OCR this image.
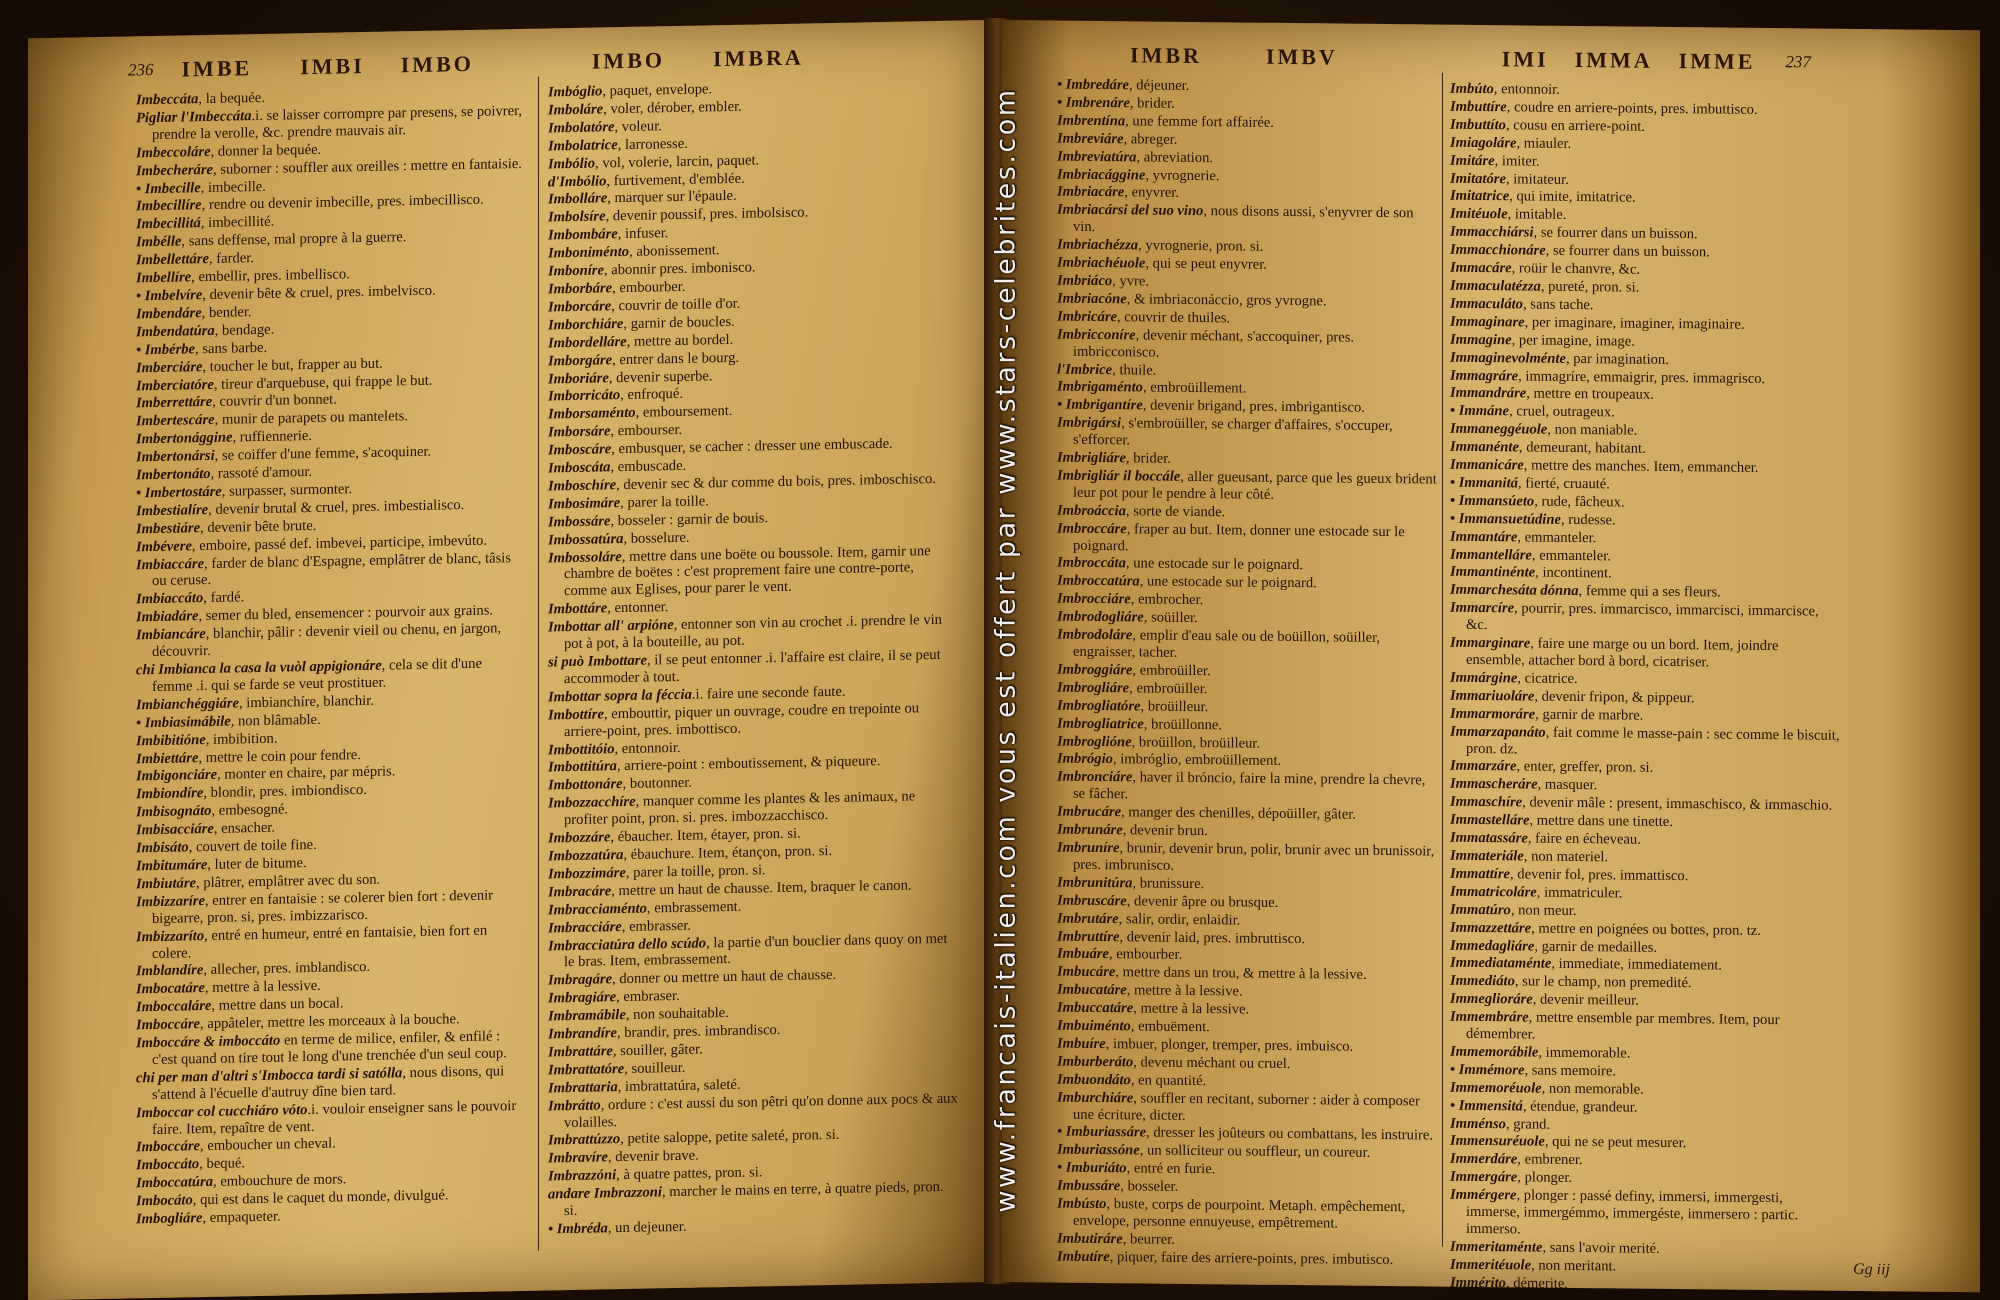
236 IMBE IMBI IMBO	IMBO IMBRA
Imbeccáta, la bequée.
Pigliar l'Imbeccáta.i. se laisser corrompre par presens, se poivrer, prendre la verolle, &c. prendre mauvais air.
Imbeccoláre, donner la bequée.
Imbecheráre, suborner : souffler aux oreilles : mettre en fantaisie.
• Imbecille, imbecille.
Imbecillíre, rendre ou devenir imbecille, pres. imbecillisco.
Imbecillitá, imbecillité.
Imbélle, sans deffense, mal propre à la guerre.
Imbellettáre, farder.
Imbellíre, embellir, pres. imbellisco.
• Imbelvíre, devenir bête & cruel, pres. imbelvisco.
Imbendáre, bender.
Imbendatúra, bendage.
• Imbérbe, sans barbe.
Imberciáre, toucher le but, frapper au but.
Imberciatóre, tireur d'arquebuse, qui frappe le but.
Imberrettáre, couvrir d'un bonnet.
Imbertescáre, munir de parapets ou mantelets.
Imbertonággine, ruffiennerie.
Imbertonársi, se coiffer d'une femme, s'acoquiner.
Imbertonáto, rassoté d'amour.
• Imbertostáre, surpasser, surmonter.
Imbestialíre, devenir brutal & cruel, pres. imbestialisco.
Imbestiáre, devenir bête brute.
Imbévere, emboire, passé def. imbevei, participe, imbevúto.
Imbiaccáre, farder de blanc d'Espagne, emplâtrer de blanc, tâsis ou ceruse.
Imbiaccáto, fardé.
Imbiadáre, semer du bled, ensemencer : pourvoir aux grains.
Imbiancáre, blanchir, pâlir : devenir vieil ou chenu, en jargon, découvrir.
chi Imbianca la casa la vuòl appigionáre, cela se dit d'une femme .i. qui se farde se veut prostituer.
Imbianchéggiáre, imbianchíre, blanchir.
• Imbiasimábile, non blâmable.
Imbibitióne, imbibition.
Imbiettáre, mettre le coin pour fendre.
Imbigonciáre, monter en chaire, par mépris.
Imbiondíre, blondir, pres. imbiondisco.
Imbisognáto, embesogné.
Imbisacciáre, ensacher.
Imbisáto, couvert de toile fine.
Imbitumáre, luter de bitume.
Imbiutáre, plâtrer, emplâtrer avec du son.
Imbizzaríre, entrer en fantaisie : se colerer bien fort : devenir bigearre, pron. si, pres. imbizzarisco.
Imbizzaríto, entré en humeur, entré en fantaisie, bien fort en colere.
Imblandíre, allecher, pres. imblandisco.
Imbocatáre, mettre à la lessive.
Imboccaláre, mettre dans un bocal.
Imboccáre, appâteler, mettre les morceaux à la bouche.
Imboccáre & imboccáto en terme de milice, enfiler, & enfilé : c'est quand on tire tout le long d'une trenchée d'un seul coup.
chi per man d'altri s'Imbocca tardi si satólla, nous disons, qui s'attend à l'écuelle d'autruy dîne bien tard.
Imboccar col cucchiáro vóto.i. vouloir enseigner sans le pouvoir faire. Item, repaître de vent.
Imboccáre, emboucher un cheval.
Imboccáto, bequé.
Imboccatúra, embouchure de mors.
Imbocáto, qui est dans le caquet du monde, divulgué.
Imbogliáre, empaqueter.
Imbóglio, paquet, envelope.
Imboláre, voler, dérober, embler.
Imbolatóre, voleur.
Imbolatrice, larronesse.
Imbólio, vol, volerie, larcin, paquet.
d'Imbólio, furtivement, d'emblée.
Imbolláre, marquer sur l'épaule.
Imbolsíre, devenir poussif, pres. imbolsisco.
Imbombáre, infuser.
Imboniménto, abonissement.
Imboníre, abonnir pres. imbonisco.
Imborbáre, embourber.
Imborcáre, couvrir de toille d'or.
Imborchiáre, garnir de boucles.
Imbordelláre, mettre au bordel.
Imborgáre, entrer dans le bourg.
Imboriáre, devenir superbe.
Imborricáto, enfroqué.
Imborsaménto, emboursement.
Imborsáre, embourser.
Imboscáre, embusquer, se cacher : dresser une embuscade.
Imboscáta, embuscade.
Imboschíre, devenir sec & dur comme du bois, pres. imboschisco.
Imbosimáre, parer la toille.
Imbossáre, bosseler : garnir de bouis.
Imbossatúra, bosselure.
Imbossoláre, mettre dans une boëte ou boussole. Item, garnir une chambre de boëtes : c'est proprement faire une contre-porte, comme aux Eglises, pour parer le vent.
Imbottáre, entonner.
Imbottar all' arpióne, entonner son vin au crochet .i. prendre le vin pot à pot, à la bouteille, au pot.
si può Imbottare, il se peut entonner .i. l'affaire est claire, il se peut accommoder à tout.
Imbottar sopra la féccia.i. faire une seconde faute.
Imbottíre, embouttir, piquer un ouvrage, coudre en trepointe ou arriere-point, pres. imbottisco.
Imbottitóio, entonnoir.
Imbottitúra, arriere-point : emboutissement, & piqueure.
Imbottonáre, boutonner.
Imbozzacchíre, manquer comme les plantes & les animaux, ne profiter point, pron. si. pres. imbozzacchisco.
Imbozzáre, ébaucher. Item, étayer, pron. si.
Imbozzatúra, ébauchure. Item, étançon, pron. si.
Imbozzimáre, parer la toille, pron. si.
Imbracáre, mettre un haut de chausse. Item, braquer le canon.
Imbracciaménto, embrassement.
Imbracciáre, embrasser.
Imbracciatúra dello scúdo, la partie d'un bouclier dans quoy on met le bras. Item, embrassement.
Imbragáre, donner ou mettre un haut de chausse.
Imbragiáre, embraser.
Imbramábile, non souhaitable.
Imbrandíre, brandir, pres. imbrandisco.
Imbrattáre, souiller, gâter.
Imbrattatóre, souilleur.
Imbrattaria, imbrattatúra, saleté.
Imbrátto, ordure : c'est aussi du son pêtri qu'on donne aux pocs & aux volailles.
Imbrattúzzo, petite saloppe, petite saleté, pron. si.
Imbravíre, devenir brave.
Imbrazzóni, à quatre pattes, pron. si.
andare Imbrazzoni, marcher le mains en terre, à quatre pieds, pron. si.
• Imbréda, un dejeuner.
IMBR	IMBV	IMI IMMA IMME 237
• Imbredáre, déjeuner.
• Imbrenáre, brider.
Imbrentína, une femme fort affairée.
Imbreviáre, abreger.
Imbreviatúra, abreviation.
Imbriacággine, yvrognerie.
Imbriacáre, enyvrer.
Imbriacársi del suo vino, nous disons aussi, s'enyvrer de son vin.
Imbriachézza, yvrognerie, pron. si.
Imbriachéuole, qui se peut enyvrer.
Imbriáco, yvre.
Imbriacóne, & imbriaconáccio, gros yvrogne.
Imbricáre, couvrir de thuiles.
Imbricconíre, devenir méchant, s'accoquiner, pres. imbricconisco.
l'Imbrice, thuile.
Imbrigaménto, embroüillement.
• Imbrigantíre, devenir brigand, pres. imbrigantisco.
Imbrigársi, s'embroüiller, se charger d'affaires, s'occuper, s'efforcer.
Imbrigliáre, brider.
Imbrigliár il boccále, aller gueusant, parce que les gueux brident leur pot pour le pendre à leur côté.
Imbroáccia, sorte de viande.
Imbroccáre, fraper au but. Item, donner une estocade sur le poignard.
Imbroccáta, une estocade sur le poignard.
Imbroccatúra, une estocade sur le poignard.
Imbrocciáre, embrocher.
Imbrodogliáre, soüiller.
Imbrodoláre, emplir d'eau sale ou de boüillon, soüiller, engraisser, tacher.
Imbroggiáre, embroüiller.
Imbrogliáre, embroüiller.
Imbrogliatóre, broüilleur.
Imbrogliatrice, broüillonne.
Imbroglióne, broüillon, broüilleur.
Imbrógio, imbróglio, embroüillement.
Imbronciáre, haver il bróncio, faire la mine, prendre la chevre, se fâcher.
Imbrucáre, manger des chenilles, dépoüiller, gâter.
Imbrunáre, devenir brun.
Imbruníre, brunir, devenir brun, polir, brunir avec un brunissoir, pres. imbrunisco.
Imbrunitúra, brunissure.
Imbruscáre, devenir âpre ou brusque.
Imbrutáre, salir, ordir, enlaidir.
Imbruttíre, devenir laid, pres. imbruttisco.
Imbuáre, embourber.
Imbucáre, mettre dans un trou, & mettre à la lessive.
Imbucatáre, mettre à la lessive.
Imbuccatáre, mettre à la lessive.
Imbuiménto, embuëment.
Imbuíre, imbuer, plonger, tremper, pres. imbuisco.
Imburberáto, devenu méchant ou cruel.
Imbuondáto, en quantité.
Imburchiáre, souffler en recitant, suborner : aider à composer une écriture, dicter.
• Imburiassáre, dresser les joûteurs ou combattans, les instruire.
Imburiassóne, un solliciteur ou souffleur, un coureur.
• Imburiáto, entré en furie.
Imbussáre, bosseler.
Imbústo, buste, corps de pourpoint. Metaph. empêchement, envelope, personne ennuyeuse, empêtrement.
Imbutiráre, beurrer.
Imbutíre, piquer, faire des arriere-points, pres. imbutisco.
Imbúto, entonnoir.
Imbuttíre, coudre en arriere-points, pres. imbuttisco.
Imbuttíto, cousu en arriere-point.
Imiagoláre, miauler.
Imitáre, imiter.
Imitatóre, imitateur.
Imitatrice, qui imite, imitatrice.
Imitéuole, imitable.
Immacchiársi, se fourrer dans un buisson.
Immacchionáre, se fourrer dans un buisson.
Immacáre, roüir le chanvre, &c.
Immaculatézza, pureté, pron. si.
Immaculáto, sans tache.
Immaginare, per imaginare, imaginer, imaginaire.
Immagine, per imagine, image.
Immaginevolménte, par imagination.
Immagráre, immagríre, emmaigrir, pres. immagrisco.
Immandráre, mettre en troupeaux.
• Immáne, cruel, outrageux.
Immaneggéuole, non maniable.
Immanénte, demeurant, habitant.
Immanicáre, mettre des manches. Item, emmancher.
• Immanitá, fierté, cruauté.
• Immansúeto, rude, fâcheux.
• Immansuetúdine, rudesse.
Immantáre, emmanteler.
Immantelláre, emmanteler.
Immantinénte, incontinent.
Immarchesáta dónna, femme qui a ses fleurs.
Immarcíre, pourrir, pres. immarcisco, immarcisci, immarcisce, &c.
Immarginare, faire une marge ou un bord. Item, joindre ensemble, attacher bord à bord, cicatriser.
Immárgine, cicatrice.
Immariuoláre, devenir fripon, & pippeur.
Immarmoráre, garnir de marbre.
Immarzapanáto, fait comme le masse-pain : sec comme le biscuit, pron. dz.
Immarzáre, enter, greffer, pron. si.
Immascheráre, masquer.
Immaschíre, devenir mâle : present, immaschisco, & immaschio.
Immastelláre, mettre dans une tinette.
Immatassáre, faire en écheveau.
Immateriále, non materiel.
Immattíre, devenir fol, pres. immattisco.
Immatricoláre, immatriculer.
Immatúro, non meur.
Immazzettáre, mettre en poignées ou bottes, pron. tz.
Immedagliáre, garnir de medailles.
Immediataménte, immediate, immediatement.
Immediáto, sur le champ, non premedité.
Immeglioráre, devenir meilleur.
Immembráre, mettre ensemble par membres. Item, pour démembrer.
Immemorábile, immemorable.
• Immémore, sans memoire.
Immemoréuole, non memorable.
• Immensitá, étendue, grandeur.
Imménso, grand.
Immensuréuole, qui ne se peut mesurer.
Immerdáre, embrener.
Immergáre, plonger.
Immérgere, plonger : passé definy, immersi, immergesti, immerse, immergémmo, immergéste, immersero : partic. immerso.
Immeritaménte, sans l'avoir merité.
Immeritéuole, non meritant.
Immérito, démerite.
Gg iij
www.francais-italien.com vous est offert par www.stars-celebrites.com
